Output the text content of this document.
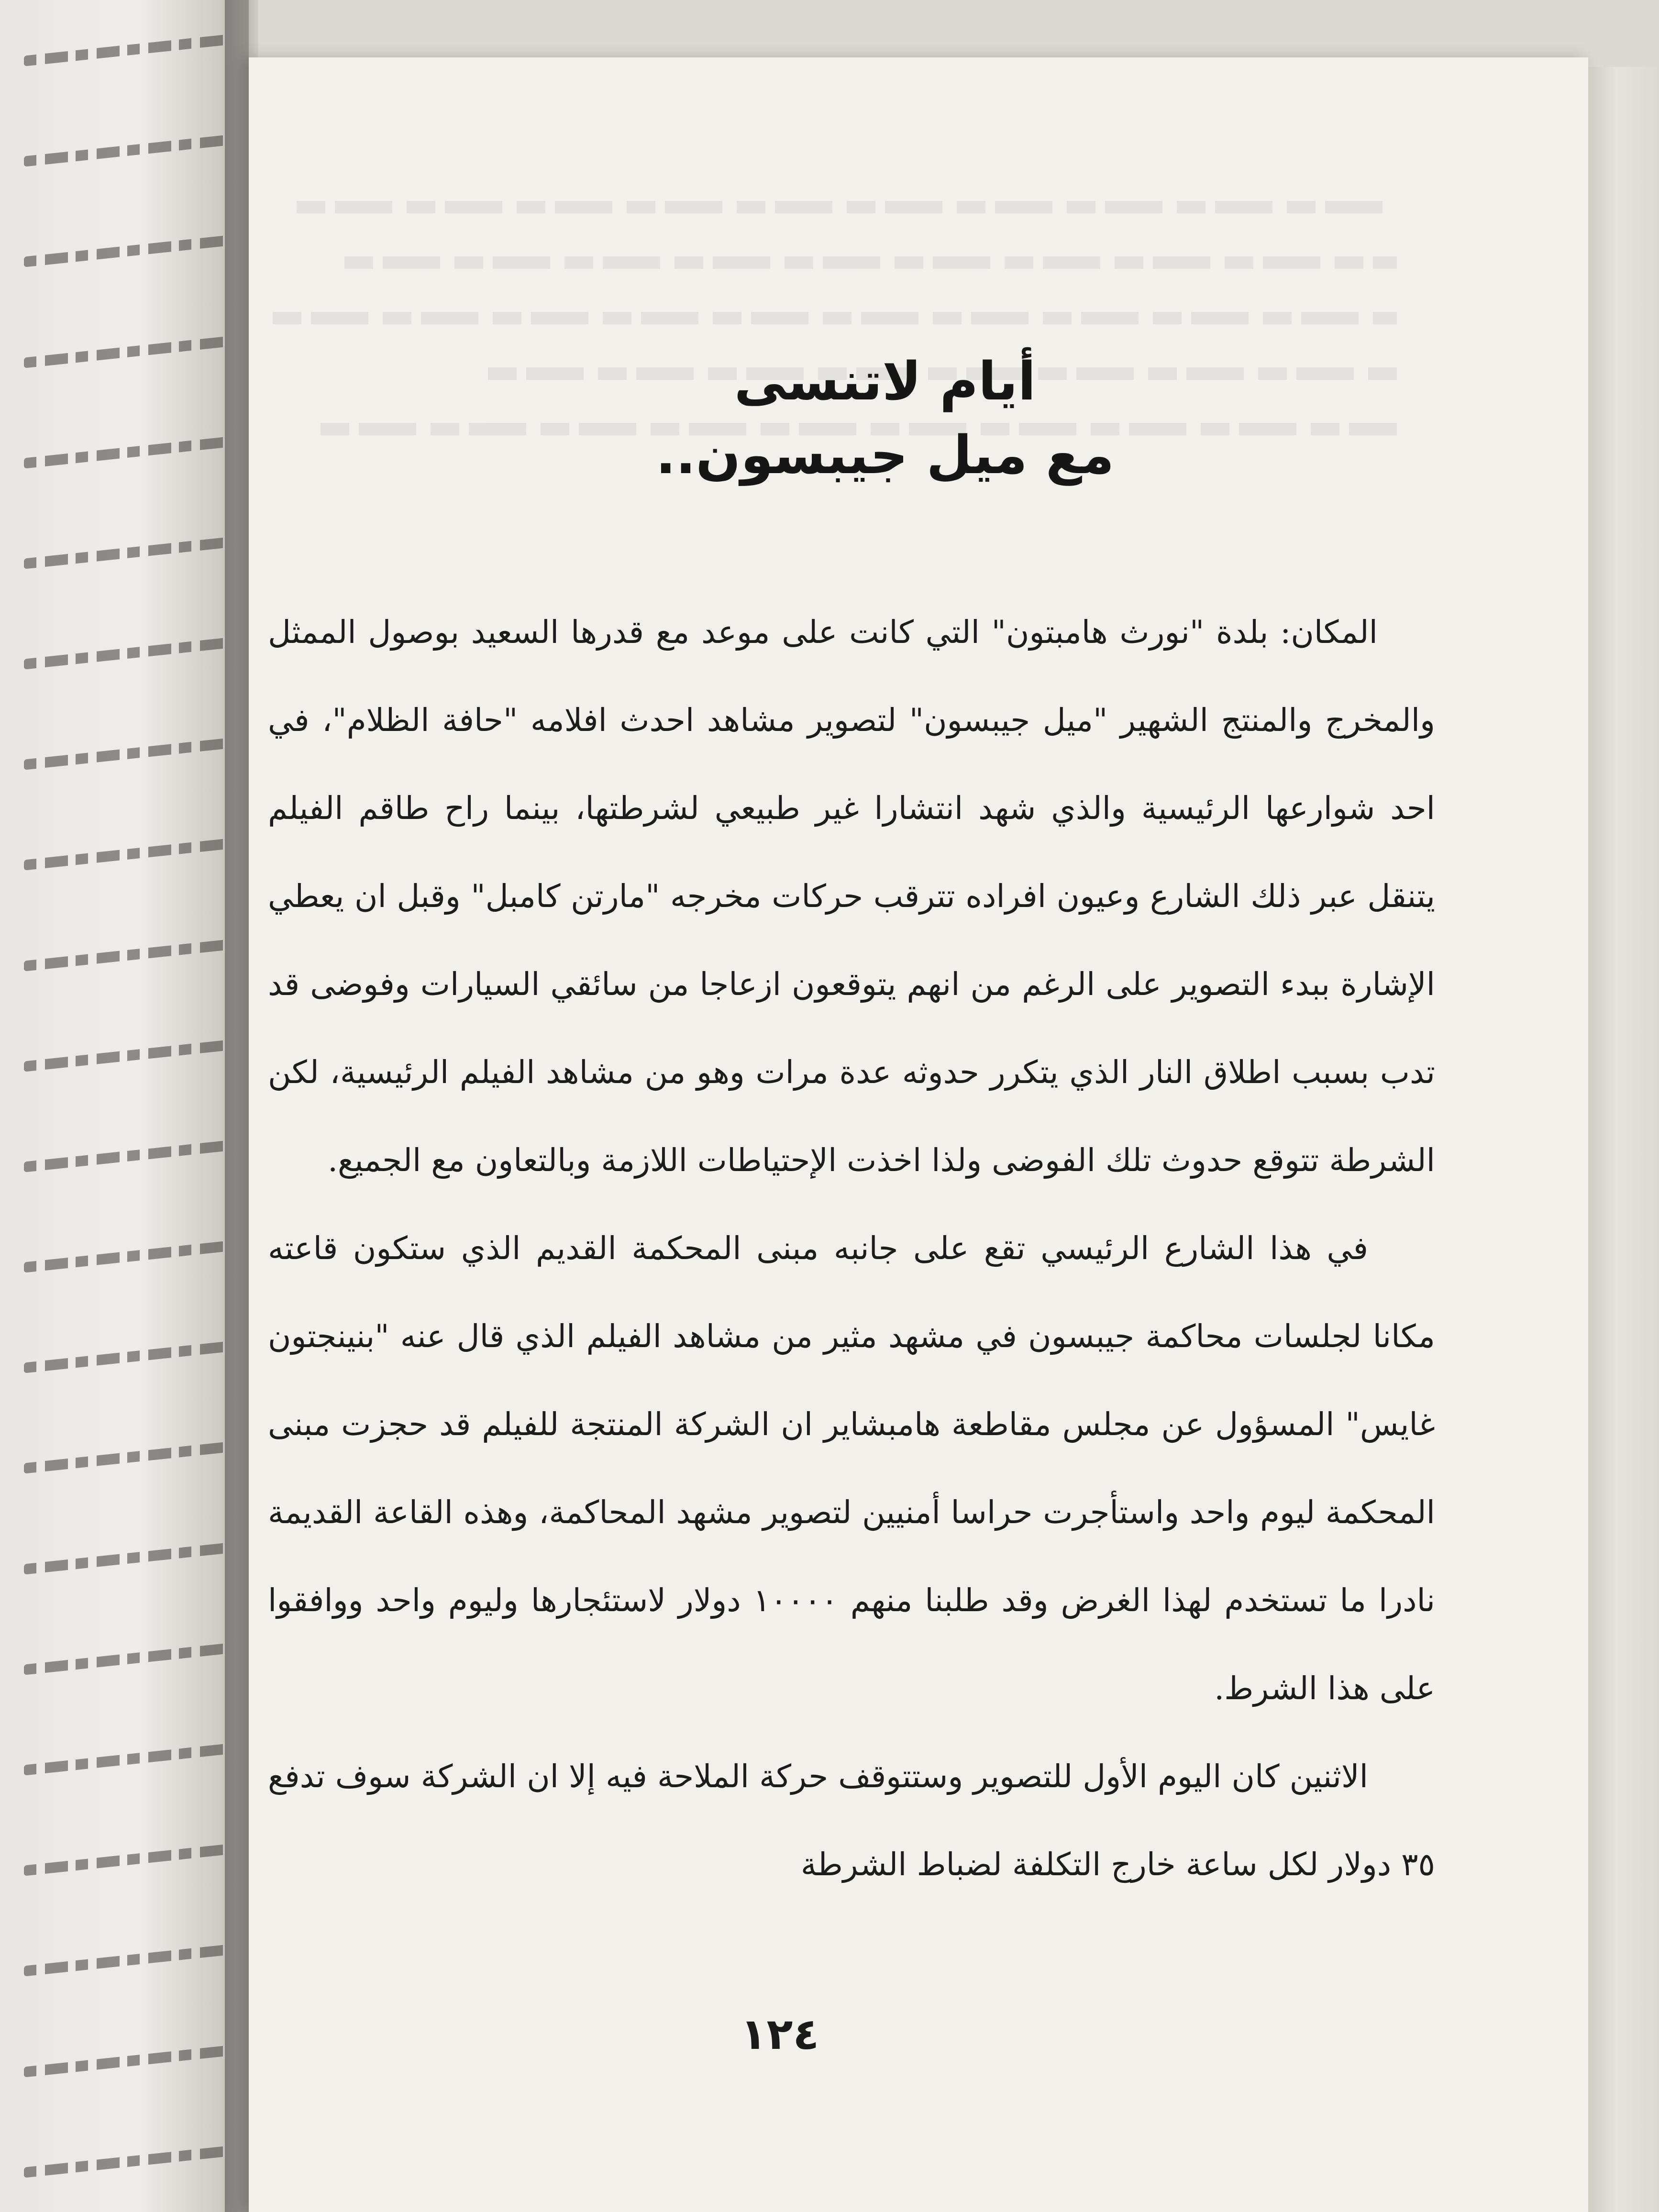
أيام لاتنسى

مع ميل جيبسون..

المكان: بلدة "نورث هامبتون" التي كانت على موعد مع قدرها السعيد بوصول الممثل والمخرج والمنتج الشهير "ميل جيبسون" لتصوير مشاهد احدث افلامه "حافة الظلام"، في احد شوارعها الرئيسية والذي شهد انتشارا غير طبيعي لشرطتها، بينما راح طاقم الفيلم يتنقل عبر ذلك الشارع وعيون افراده تترقب حركات مخرجه "مارتن كامبل" وقبل ان يعطي الإشارة ببدء التصوير على الرغم من انهم يتوقعون ازعاجا من سائقي السيارات وفوضى قد تدب بسبب اطلاق النار الذي يتكرر حدوثه عدة مرات وهو من مشاهد الفيلم الرئيسية، لكن الشرطة تتوقع حدوث تلك الفوضى ولذا اخذت الإحتياطات اللازمة وبالتعاون مع الجميع.

في هذا الشارع الرئيسي تقع على جانبه مبنى المحكمة القديم الذي ستكون قاعته مكانا لجلسات محاكمة جيبسون في مشهد مثير من مشاهد الفيلم الذي قال عنه "بنينجتون غايس" المسؤول عن مجلس مقاطعة هامبشاير ان الشركة المنتجة للفيلم قد حجزت مبنى المحكمة ليوم واحد واستأجرت حراسا أمنيين لتصوير مشهد المحاكمة، وهذه القاعة القديمة نادرا ما تستخدم لهذا الغرض وقد طلبنا منهم ١٠٠٠٠ دولار لاستئجارها وليوم واحد ووافقوا على هذا الشرط.

الاثنين كان اليوم الأول للتصوير وستتوقف حركة الملاحة فيه إلا ان الشركة سوف تدفع ٣٥ دولار لكل ساعة خارج التكلفة لضباط الشرطة

١٢٤
